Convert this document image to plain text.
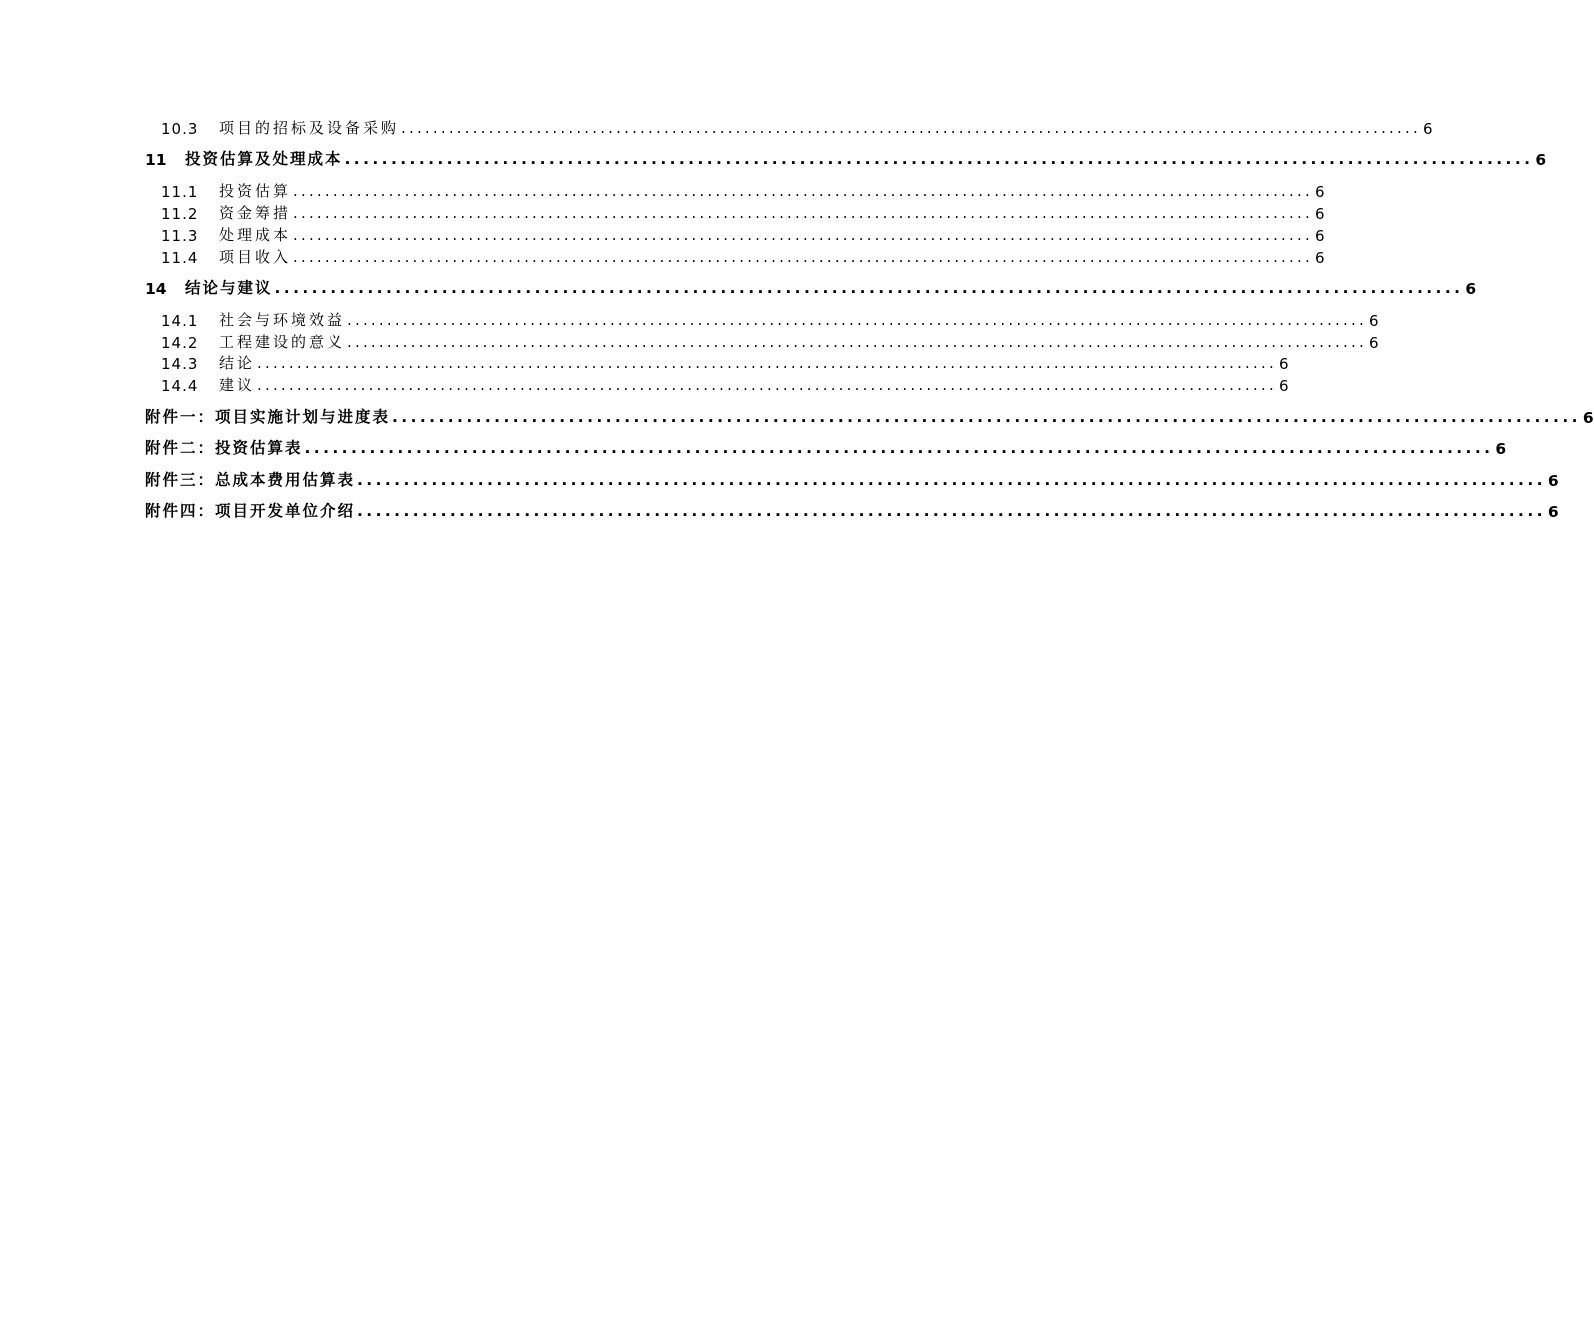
10.3	项目的招标及设备采购 ................................................................................................................................ 6
11	投资估算及处理成本 ................................................................................................................................ 6
11.1	投资估算 ................................................................................................................................ 6
11.2	资金筹措 ................................................................................................................................ 6
11.3	处理成本 ................................................................................................................................ 6
11.4	项目收入 ................................................................................................................................ 6
14	结论与建议 ................................................................................................................................ 6
14.1	社会与环境效益 ................................................................................................................................ 6
14.2	工程建设的意义 ................................................................................................................................ 6
14.3	结论 ................................................................................................................................ 6
14.4	建议 ................................................................................................................................ 6
附件一：项目实施计划与进度表 ................................................................................................................................ 6
附件二：投资估算表 ................................................................................................................................ 6
附件三：总成本费用估算表 ................................................................................................................................ 6
附件四：项目开发单位介绍 ................................................................................................................................ 6
